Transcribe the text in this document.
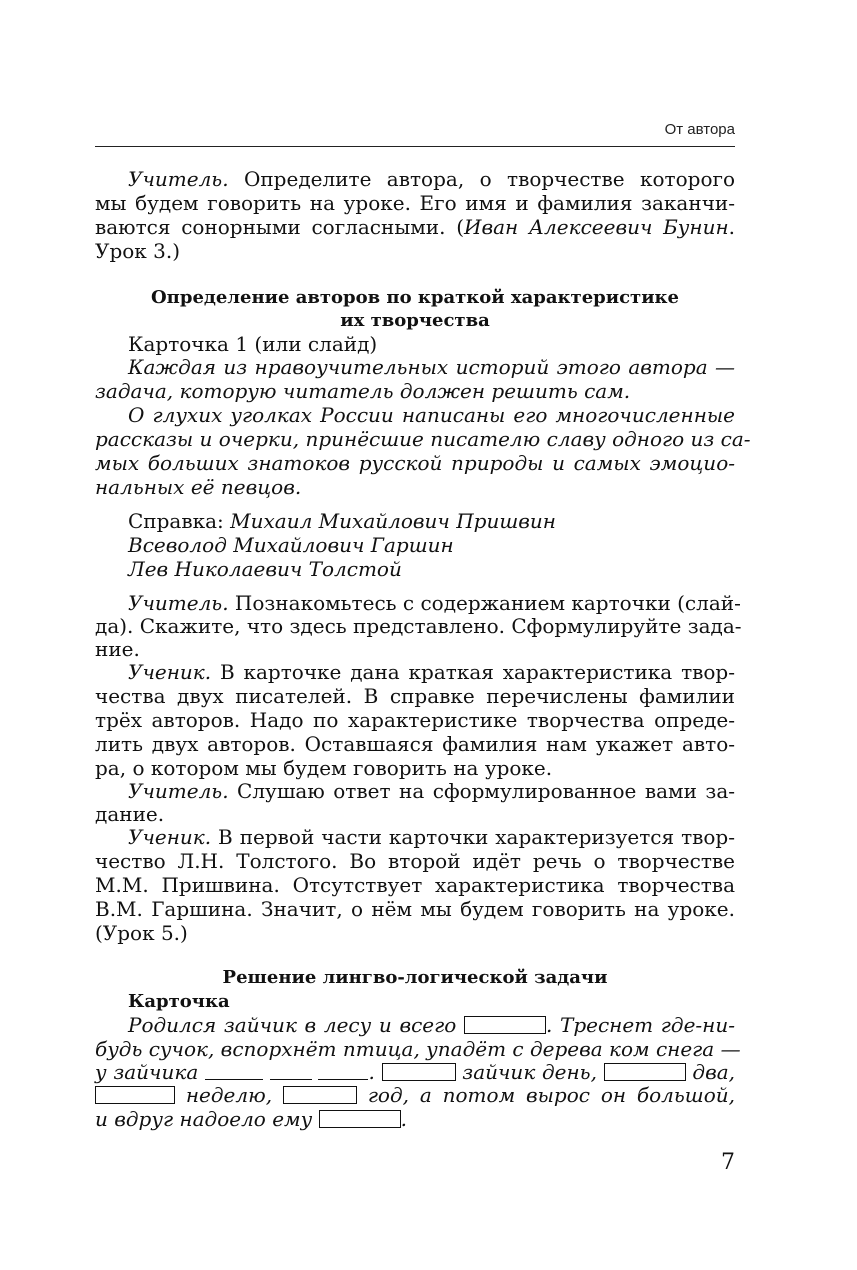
От автора
Учитель. Определите автора, о творчестве которого
мы будем говорить на уроке. Его имя и фамилия заканчи-
ваются сонорными согласными. (Иван Алексеевич Бунин.
Урок 3.)
Определение авторов по краткой характеристике
их творчества
Карточка 1 (или слайд)
Каждая из нравоучительных историй этого автора —
задача, которую читатель должен решить сам.
О глухих уголках России написаны его многочисленные
рассказы и очерки, принёсшие писателю славу одного из са-
мых больших знатоков русской природы и самых эмоцио-
нальных её певцов.
Справка: Михаил Михайлович Пришвин
Всеволод Михайлович Гаршин
Лев Николаевич Толстой
Учитель. Познакомьтесь с содержанием карточки (слай-
да). Скажите, что здесь представлено. Сформулируйте зада-
ние.
Ученик. В карточке дана краткая характеристика твор-
чества двух писателей. В справке перечислены фамилии
трёх авторов. Надо по характеристике творчества опреде-
лить двух авторов. Оставшаяся фамилия нам укажет авто-
ра, о котором мы будем говорить на уроке.
Учитель. Слушаю ответ на сформулированное вами за-
дание.
Ученик. В первой части карточки характеризуется твор-
чество Л.Н. Толстого. Во второй идёт речь о творчестве
М.М. Пришвина. Отсутствует характеристика творчества
В.М. Гаршина. Значит, о нём мы будем говорить на уроке.
(Урок 5.)
Решение лингво-логической задачи
Карточка
Родился зайчик в лесу и всего	. Треснет где-ни-
будь сучок, вспорхнёт птица, упадёт с дерева ком снега —
у зайчика	.	зайчик день,	два,
неделю,	год, а потом вырос он большой,
и вдруг надоело ему	.
7
